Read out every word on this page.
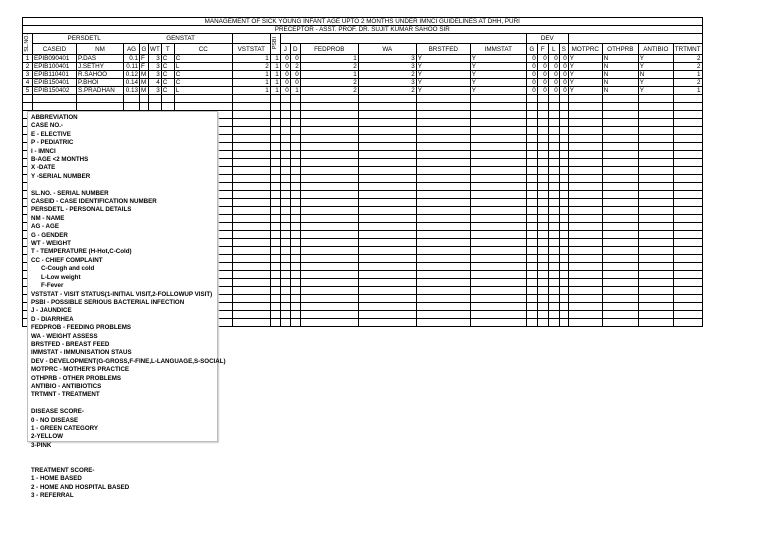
MANAGEMENT OF SICK YOUNG INFANT AGE UPTO 2 MONTHS UNDER IMNCI GUIDELINES AT DHH, PURI																							
PRECEPTOR - ASST. PROF. DR. SUJIT KUMAR SAHOO SIR																							
SL.NO.	PERSDETL GENSTAT								PSBI							DEV							
	CASEID	NM	AG	G	WT	T	CC	VSTSTAT		J	D	FEDPROB	WA	BRSTFED	IMMSTAT	G	F	L	S	MOTPRC	OTHPRB	ANTIBIO	TRTMNT
1	EPIB090401	P.DAS	0.1	F	3	C	C	1	1	0	0	1	3	Y	Y	0	0	0	0	Y	N	Y	2
2	EPIB100401	J.SETHY	0.11	F	3	C	L	2	1	0	2	2	3	Y	Y	0	0	0	0	Y	N	Y	2
3	EPIB110401	R.SAHOO	0.12	M	3	C	C	1	1	0	0	1	2	Y	Y	0	0	0	0	Y	N	N	1
4	EPIB150401	P.BHOI	0.14	M	4	C	C	1	1	0	0	2	3	Y	Y	0	0	0	0	Y	N	Y	2
5	EPIB150402	S.PRADHAN	0.13	M	3	C	L	1	1	0	1	2	2	Y	Y	0	0	0	0	Y	N	Y	1

ABBREVIATION
CASE NO.-
E - ELECTIVE
P - PEDIATRIC
I - IMNCI
B-AGE <2 MONTHS
X -DATE
Y -SERIAL NUMBER
SL.NO. - SERIAL NUMBER
CASEID - CASE IDENTIFICATION NUMBER
PERSDETL - PERSONAL DETAILS
NM - NAME
AG - AGE
G - GENDER
WT - WEIGHT
T - TEMPERATURE (H-Hot,C-Cold)
CC - CHIEF COMPLAINT
C-Cough and cold
L-Low weight
F-Fever
VSTSTAT - VISIT STATUS(1-INITIAL VISIT,2-FOLLOWUP VISIT)
PSBI - POSSIBLE SERIOUS BACTERIAL INFECTION
J - JAUNDICE
D - DIARRHEA
FEDPROB - FEEDING PROBLEMS
WA - WEIGHT ASSESS
BRSTFED - BREAST FEED
IMMSTAT - IMMUNISATION STAUS
DEV - DEVELOPMENT(G-GROSS,F-FINE,L-LANGUAGE,S-SOCIAL)
MOTPRC - MOTHER'S PRACTICE
OTHPRB - OTHER PROBLEMS
ANTIBIO - ANTIBIOTICS
TRTMNT - TREATMENT
DISEASE SCORE-
0 - NO DISEASE
1 - GREEN CATEGORY
2-YELLOW
3-PINK
TREATMENT SCORE-
1 - HOME BASED
2 - HOME AND HOSPITAL BASED
3 - REFERRAL
